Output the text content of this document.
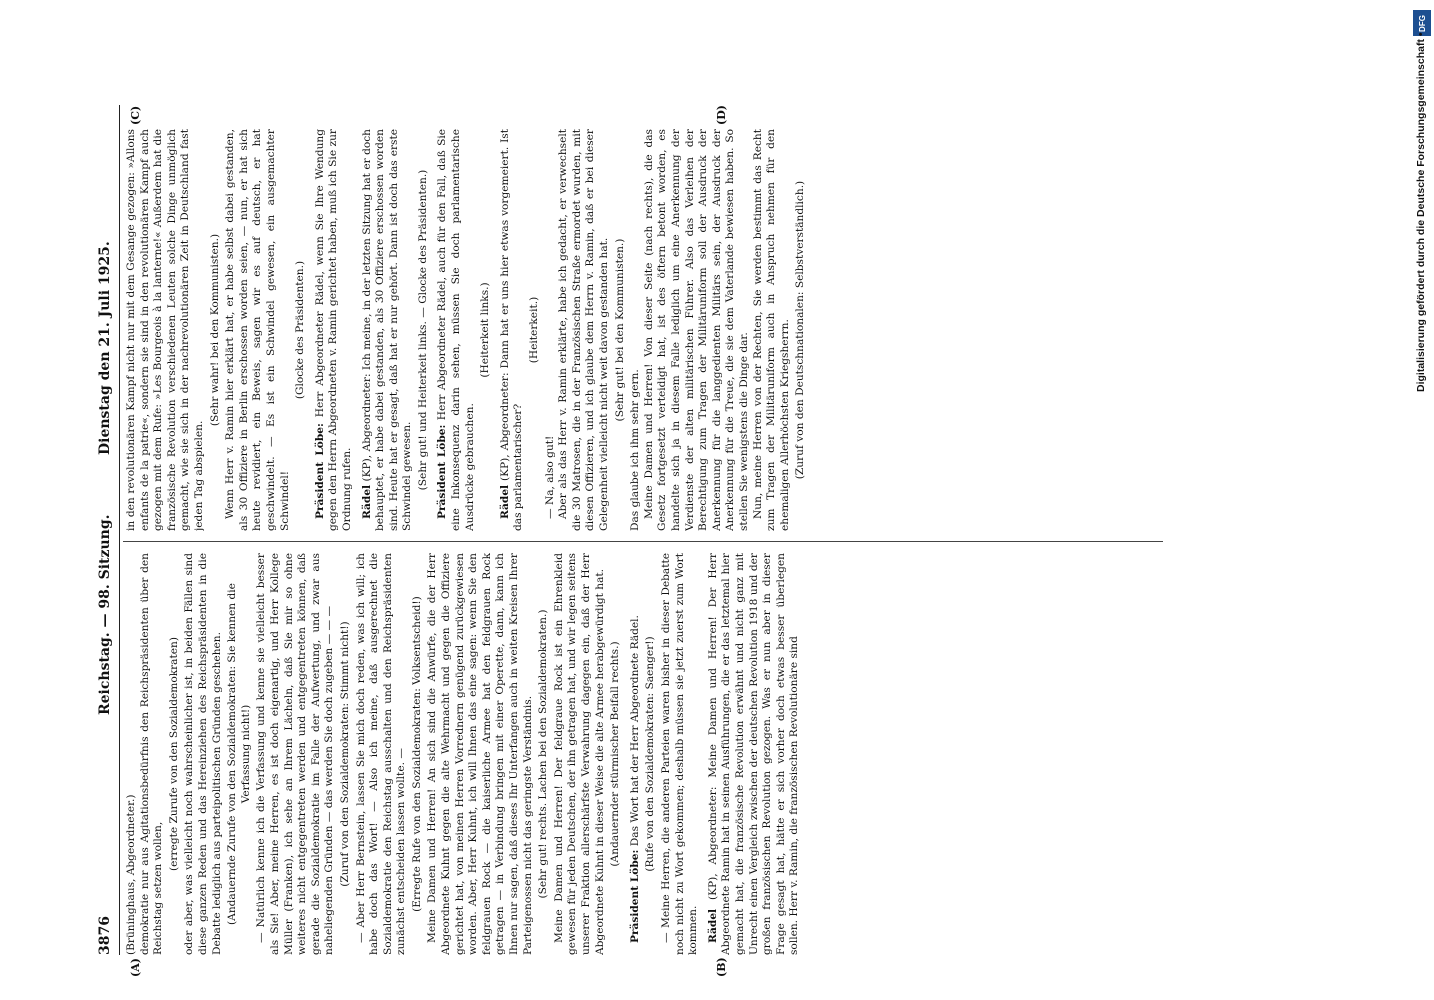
3876
Reichstag. — 98. Sitzung.
Dienstag den 21. Juli 1925.

(Brüninghaus, Abgeordneter.) demokratie nur aus Agitationsbedürfnis den Reichspräsidenten über den Reichstag setzen wollen,

(erregte Zurufe von den Sozialdemokraten) oder aber, was vielleicht noch wahrscheinlicher ist, in beiden Fällen sind diese ganzen Reden und das Hereinziehen des Reichspräsidenten in die Debatte lediglich aus parteipolitischen Gründen geschehen. (Andauernde Zurufe von den Sozialdemokraten: Sie kennen die Verfassung nicht!) — Natürlich kenne ich die Verfassung und kenne sie vielleicht besser als Sie! Aber, meine Herren, es ist doch eigenartig, und Herr Kollege Müller (Franken), ich sehe an Ihrem Lächeln, daß Sie mir so ohne weiteres nicht entgegentreten werden und entgegentreten können, daß gerade die Sozialdemokratie im Falle der Aufwertung, und zwar aus naheliegenden Gründen — das werden Sie doch zugeben — — — (Zuruf von den Sozialdemokraten: Stimmt nicht!) — Aber Herr Bernstein, lassen Sie mich doch reden, was ich will; ich habe doch das Wort! — Also ich meine, daß ausgerechnet die Sozialdemokratie den Reichstag ausschalten und den Reichspräsidenten zunächst entscheiden lassen wollte. — (Erregte Rufe von den Sozialdemokraten: Volksentscheid!) Meine Damen und Herren! An sich sind die Anwürfe, die der Herr Abgeordnete Kuhnt gegen die alte Wehrmacht und gegen die Offiziere gerichtet hat, von meinen Herren Vorrednern genügend zurückgewiesen worden. Aber, Herr Kuhnt, ich will Ihnen das eine sagen: wenn Sie den feldgrauen Rock — die kaiserliche Armee hat den feldgrauen Rock getragen — in Verbindung bringen mit einer Operette, dann, kann ich Ihnen nur sagen, daß dieses Ihr Unterfangen auch in weiten Kreisen Ihrer Parteigenossen nicht das geringste Verständnis. (Sehr gut! rechts. Lachen bei den Sozialdemokraten.) Meine Damen und Herren! Der feldgraue Rock ist ein Ehrenkleid gewesen für jeden Deutschen, der ihn getragen hat, und wir legen seitens unserer Fraktion allerschärfste Verwahrung dagegen ein, daß der Herr Abgeordnete Kuhnt in dieser Weise die alte Armee herabgewürdigt hat. (Andauernder stürmischer Beifall rechts.)

Präsident Löbe: Das Wort hat der Herr Abgeordnete Rädel. (Rufe von den Sozialdemokraten: Saenger!) — Meine Herren, die anderen Parteien waren bisher in dieser Debatte noch nicht zu Wort gekommen; deshalb müssen sie jetzt zuerst zum Wort kommen. Rädel (KP), Abgeordneter: Meine Damen und Herren! Der Herr Abgeordnete Ramin hat in seinen Ausführungen, die er das letztemal hier gemacht hat, die französische Revolution erwähnt und nicht ganz mit Unrecht einen Vergleich zwischen der deutschen Revolution 1918 und der großen französischen Revolution gezogen. Was er nun aber in dieser Frage gesagt hat, hätte er sich vorher doch etwas besser überlegen sollen. Herr v. Ramin, die französischen Revolutionäre sind

in den revolutionären Kampf nicht nur mit dem Gesange gezogen: »Allons enfants de la patrie«, sondern sie sind in den revolutionären Kampf auch gezogen mit dem Rufe: »Les Bourgeois à la lanterne!« Außerdem hat die französische Revolution verschiedenen Leuten solche Dinge unmöglich gemacht, wie sie sich in der nachrevolutionären Zeit in Deutschland fast jeden Tag abspielen.

(Sehr wahr! bei den Kommunisten.) Wenn Herr v. Ramin hier erklärt hat, er habe selbst dabei gestanden, als 30 Offiziere in Berlin erschossen worden seien, — nun, er hat sich heute revidiert, ein Beweis, sagen wir es auf deutsch, er hat geschwindelt. — Es ist ein Schwindel gewesen, ein ausgemachter Schwindel!

(Glocke des Präsidenten.)

Präsident Löbe: Herr Abgeordneter Rädel, wenn Sie Ihre Wendung gegen den Herrn Abgeordneten v. Ramin gerichtet haben, muß ich Sie zur Ordnung rufen. Rädel (KP), Abgeordneter: Ich meine, in der letzten Sitzung hat er doch behauptet, er habe dabei gestanden, als 30 Offiziere erschossen worden sind. Heute hat er gesagt, daß hat er nur gehört. Dann ist doch das erste Schwindel gewesen. (Sehr gut! und Heiterkeit links. — Glocke des Präsidenten.) Präsident Löbe: Herr Abgeordneter Rädel, auch für den Fall, daß Sie eine Inkonsequenz darin sehen, müssen Sie doch parlamentarische Ausdrücke gebrauchen.

(Heiterkeit links.)

Rädel (KP), Abgeordneter: Dann hat er uns hier etwas vorgemeiert. Ist das parlamentarischer?

(Heiterkeit.)

— Na, also gut! Aber als das Herr v. Ramin erklärte, habe ich gedacht, er verwechselt die 30 Matrosen, die in der Französischen Straße ermordet wurden, mit diesen Offizieren, und ich glaube dem Herrn v. Ramin, daß er bei dieser Gelegenheit vielleicht nicht weit davon gestanden hat. (Sehr gut! bei den Kommunisten.)

Das glaube ich ihm sehr gern. Meine Damen und Herren! Von dieser Seite (nach rechts), die das Gesetz fortgesetzt verteidigt hat, ist des öftern betont worden, es handelte sich ja in diesem Falle lediglich um eine Anerkennung der Verdienste der alten militärischen Führer. Also das Verleihen der Berechtigung zum Tragen der Militäruniform soll der Ausdruck der Anerkennung für die langgedienten Militärs sein, der Ausdruck der Anerkennung für die Treue, die sie dem Vaterlande bewiesen haben. So stellen Sie wenigstens die Dinge dar. Nun, meine Herren von der Rechten, Sie werden bestimmt das Recht zum Tragen der Militäruniform auch in Anspruch nehmen für den ehemaligen Allerhöchsten Kriegsherrn. (Zuruf von den Deutschnationalen: Selbstverständlich.)

(A)	(B)
(C)	(D)
DFG
Digitalisierung gefördert durch die Deutsche Forschungsgemeinschaft •
